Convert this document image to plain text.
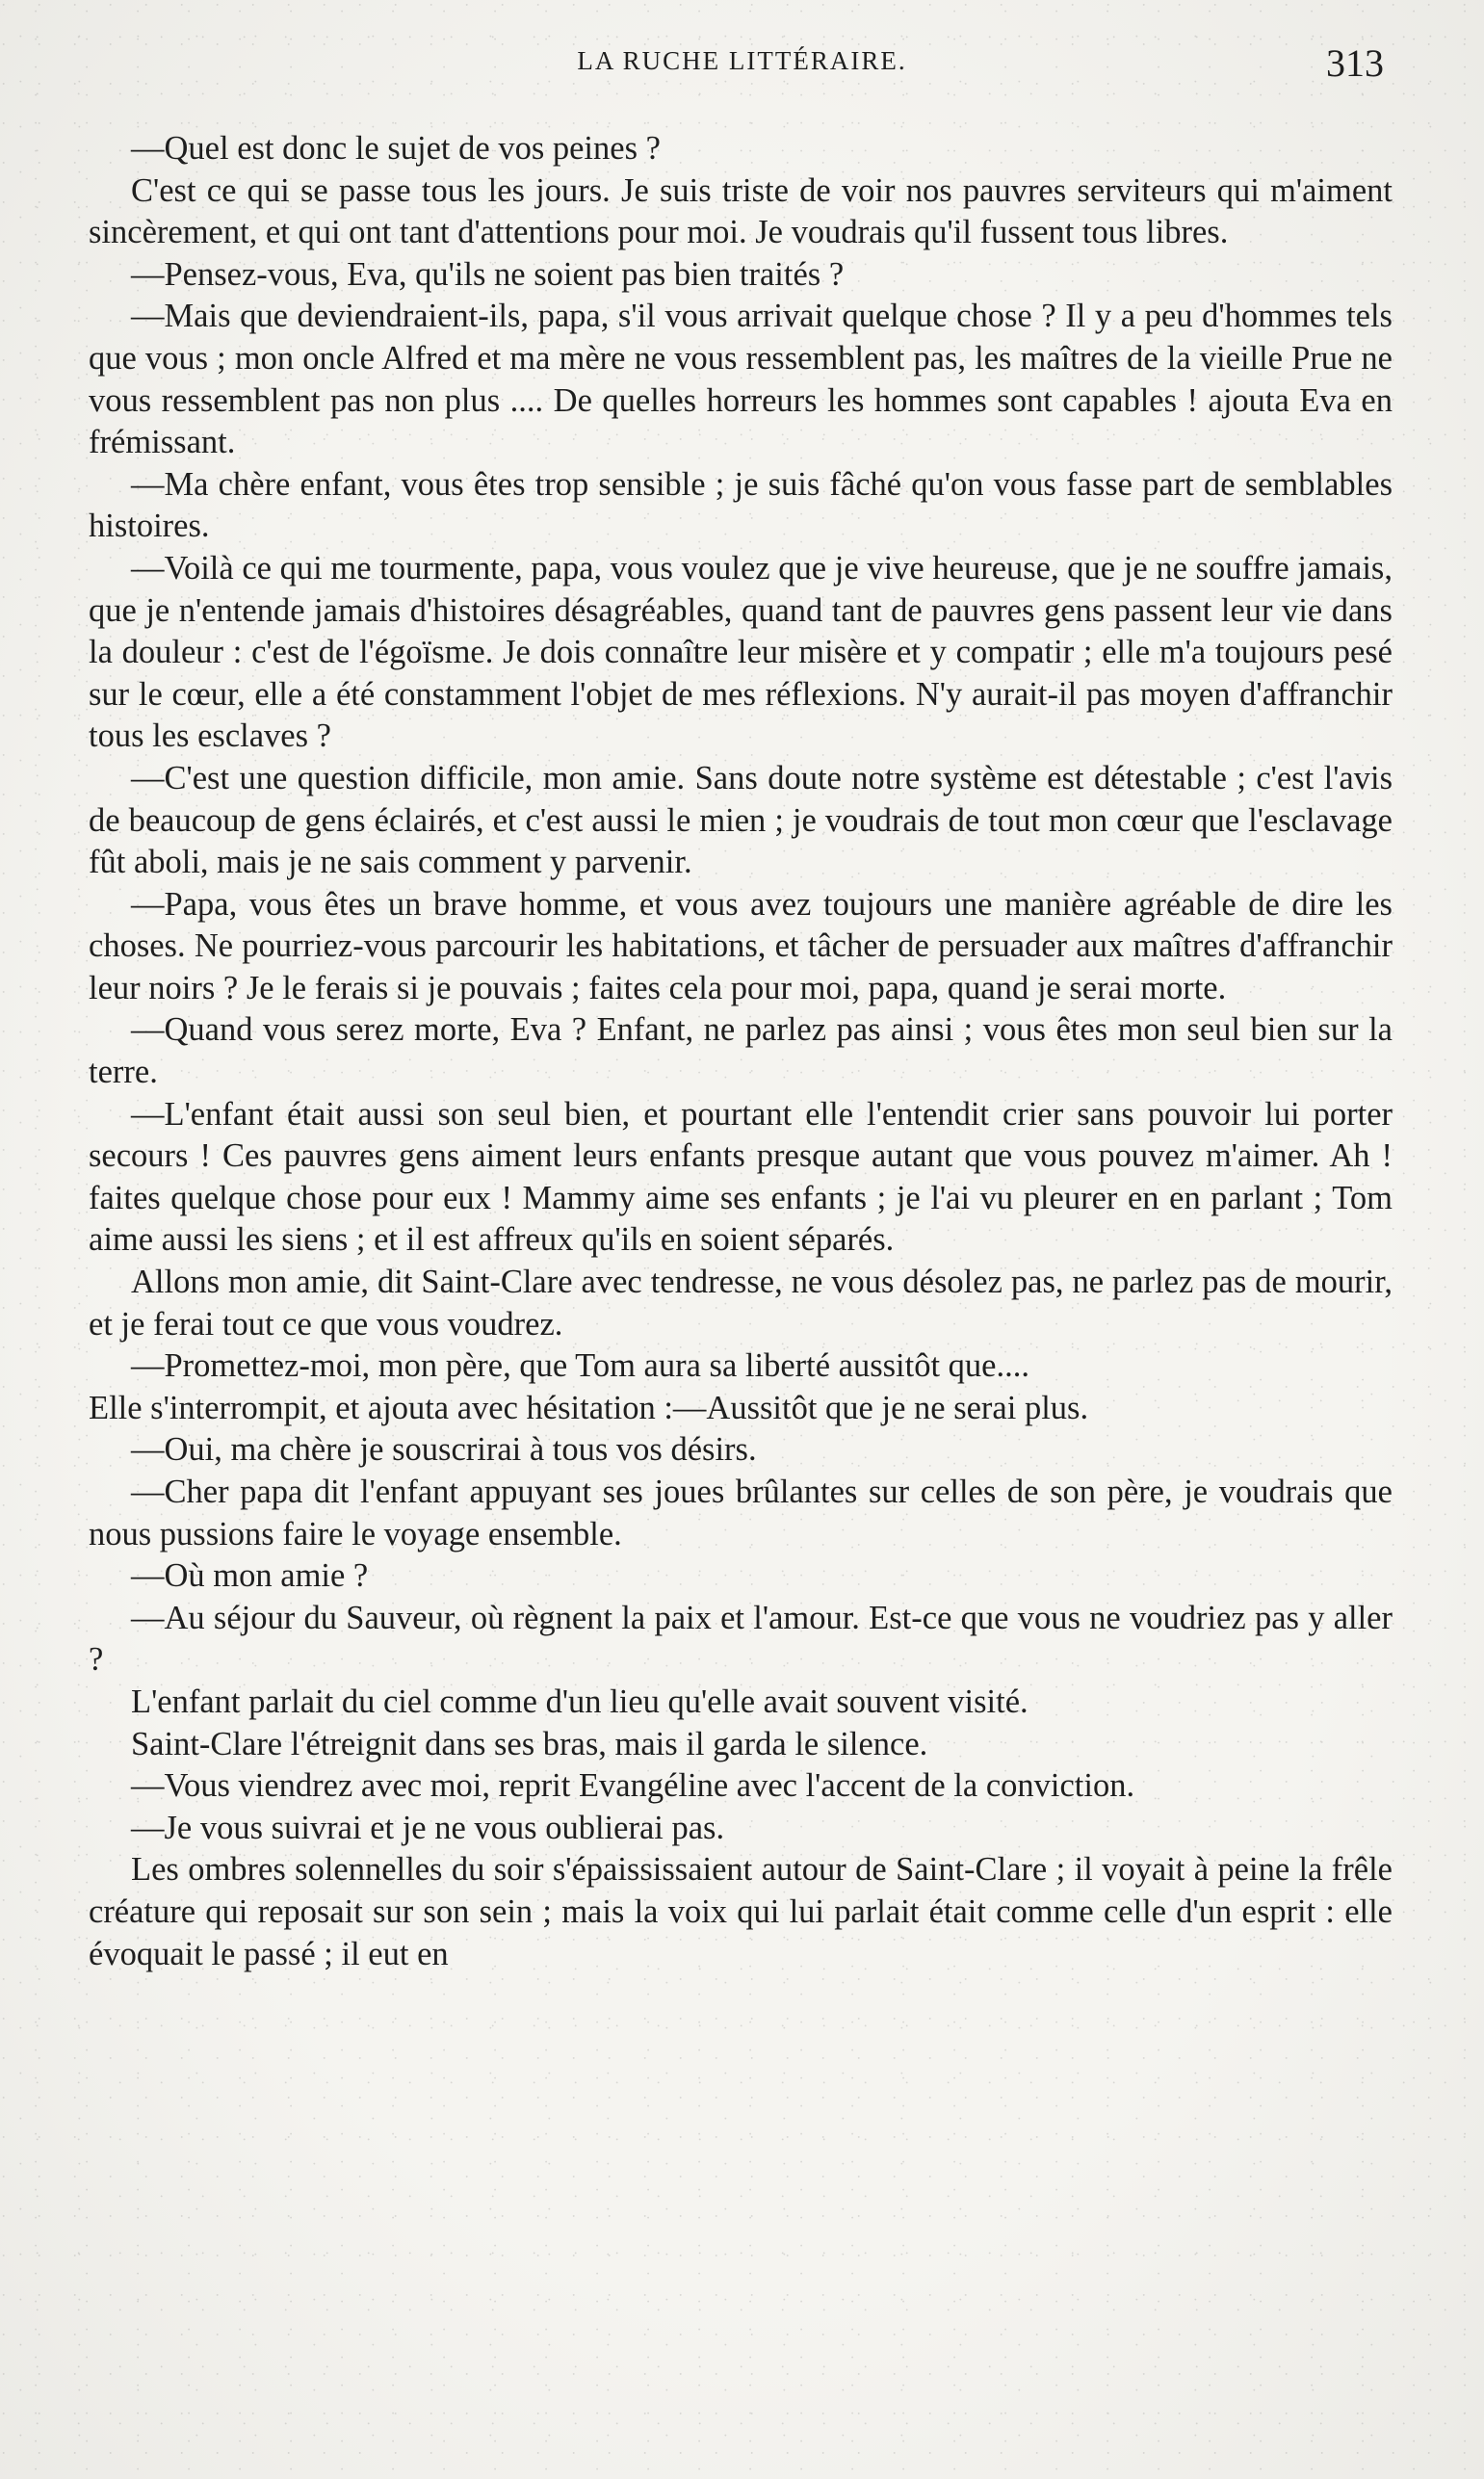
LA RUCHE LITTÉRAIRE.	313

—Quel est donc le sujet de vos peines ?

C'est ce qui se passe tous les jours. Je suis triste de voir nos pauvres serviteurs qui m'aiment sincèrement, et qui ont tant d'attentions pour moi. Je voudrais qu'il fussent tous libres.

—Pensez-vous, Eva, qu'ils ne soient pas bien traités ?

—Mais que deviendraient-ils, papa, s'il vous arrivait quelque chose ? Il y a peu d'hommes tels que vous ; mon oncle Alfred et ma mère ne vous ressemblent pas, les maîtres de la vieille Prue ne vous ressemblent pas non plus .... De quelles horreurs les hommes sont capables ! ajouta Eva en frémissant.

—Ma chère enfant, vous êtes trop sensible ; je suis fâché qu'on vous fasse part de semblables histoires.

—Voilà ce qui me tourmente, papa, vous voulez que je vive heureuse, que je ne souffre jamais, que je n'entende jamais d'histoires désagréables, quand tant de pauvres gens passent leur vie dans la douleur : c'est de l'égoïsme. Je dois connaître leur misère et y compatir ; elle m'a toujours pesé sur le cœur, elle a été constamment l'objet de mes réflexions. N'y aurait-il pas moyen d'affranchir tous les esclaves ?

—C'est une question difficile, mon amie. Sans doute notre système est détestable ; c'est l'avis de beaucoup de gens éclairés, et c'est aussi le mien ; je voudrais de tout mon cœur que l'esclavage fût aboli, mais je ne sais comment y parvenir.

—Papa, vous êtes un brave homme, et vous avez toujours une manière agréable de dire les choses. Ne pourriez-vous parcourir les habitations, et tâcher de persuader aux maîtres d'affranchir leur noirs ? Je le ferais si je pouvais ; faites cela pour moi, papa, quand je serai morte.

—Quand vous serez morte, Eva ? Enfant, ne parlez pas ainsi ; vous êtes mon seul bien sur la terre.

—L'enfant était aussi son seul bien, et pourtant elle l'entendit crier sans pouvoir lui porter secours ! Ces pauvres gens aiment leurs enfants presque autant que vous pouvez m'aimer. Ah ! faites quelque chose pour eux ! Mammy aime ses enfants ; je l'ai vu pleurer en en parlant ; Tom aime aussi les siens ; et il est affreux qu'ils en soient séparés.

Allons mon amie, dit Saint-Clare avec tendresse, ne vous désolez pas, ne parlez pas de mourir, et je ferai tout ce que vous voudrez.

—Promettez-moi, mon père, que Tom aura sa liberté aussitôt que....

Elle s'interrompit, et ajouta avec hésitation :—Aussitôt que je ne serai plus.

—Oui, ma chère je souscrirai à tous vos désirs.

—Cher papa dit l'enfant appuyant ses joues brûlantes sur celles de son père, je voudrais que nous pussions faire le voyage ensemble.

—Où mon amie ?

—Au séjour du Sauveur, où règnent la paix et l'amour. Est-ce que vous ne voudriez pas y aller ?

L'enfant parlait du ciel comme d'un lieu qu'elle avait souvent visité.

Saint-Clare l'étreignit dans ses bras, mais il garda le silence.

—Vous viendrez avec moi, reprit Evangéline avec l'accent de la conviction.

—Je vous suivrai et je ne vous oublierai pas.

Les ombres solennelles du soir s'épaississaient autour de Saint-Clare ; il voyait à peine la frêle créature qui reposait sur son sein ; mais la voix qui lui parlait était comme celle d'un esprit : elle évoquait le passé ; il eut en
